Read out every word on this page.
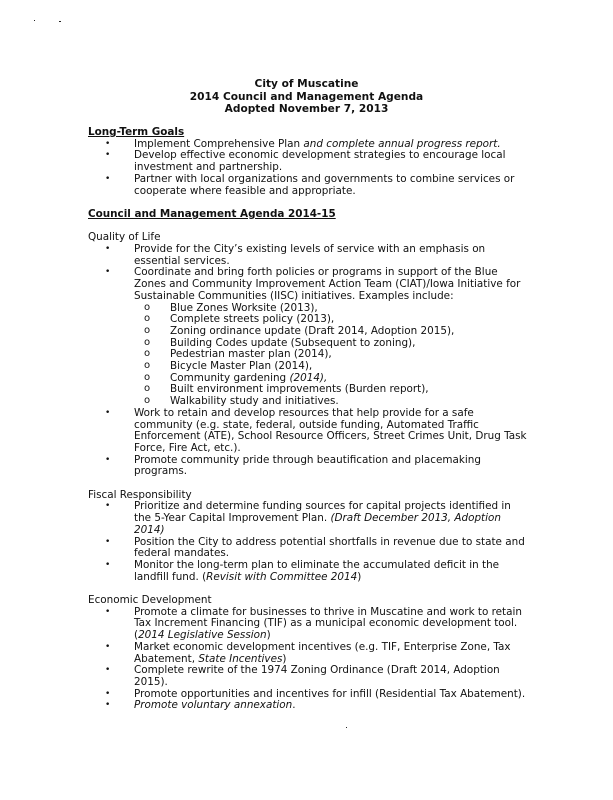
City of Muscatine
2014 Council and Management Agenda
Adopted November 7, 2013
Long-Term Goals
• Implement Comprehensive Plan and complete annual progress report.
• Develop effective economic development strategies to encourage local investment and partnership.
• Partner with local organizations and governments to combine services or cooperate where feasible and appropriate.
Council and Management Agenda 2014-15
Quality of Life
• Provide for the City’s existing levels of service with an emphasis on essential services.
• Coordinate and bring forth policies or programs in support of the Blue Zones and Community Improvement Action Team (CIAT)/Iowa Initiative for Sustainable Communities (IISC) initiatives. Examples include:
o Blue Zones Worksite (2013),
o Complete streets policy (2013),
o Zoning ordinance update (Draft 2014, Adoption 2015),
o Building Codes update (Subsequent to zoning),
o Pedestrian master plan (2014),
o Bicycle Master Plan (2014),
o Community gardening (2014),
o Built environment improvements (Burden report),
o Walkability study and initiatives.
• Work to retain and develop resources that help provide for a safe community (e.g. state, federal, outside funding, Automated Traffic Enforcement (ATE), School Resource Officers, Street Crimes Unit, Drug Task Force, Fire Act, etc.).
• Promote community pride through beautification and placemaking programs.
Fiscal Responsibility
• Prioritize and determine funding sources for capital projects identified in the 5-Year Capital Improvement Plan. (Draft December 2013, Adoption 2014)
• Position the City to address potential shortfalls in revenue due to state and federal mandates.
• Monitor the long-term plan to eliminate the accumulated deficit in the landfill fund. (Revisit with Committee 2014)
Economic Development
• Promote a climate for businesses to thrive in Muscatine and work to retain Tax Increment Financing (TIF) as a municipal economic development tool. (2014 Legislative Session)
• Market economic development incentives (e.g. TIF, Enterprise Zone, Tax Abatement, State Incentives)
• Complete rewrite of the 1974 Zoning Ordinance (Draft 2014, Adoption 2015).
• Promote opportunities and incentives for infill (Residential Tax Abatement).
• Promote voluntary annexation.
